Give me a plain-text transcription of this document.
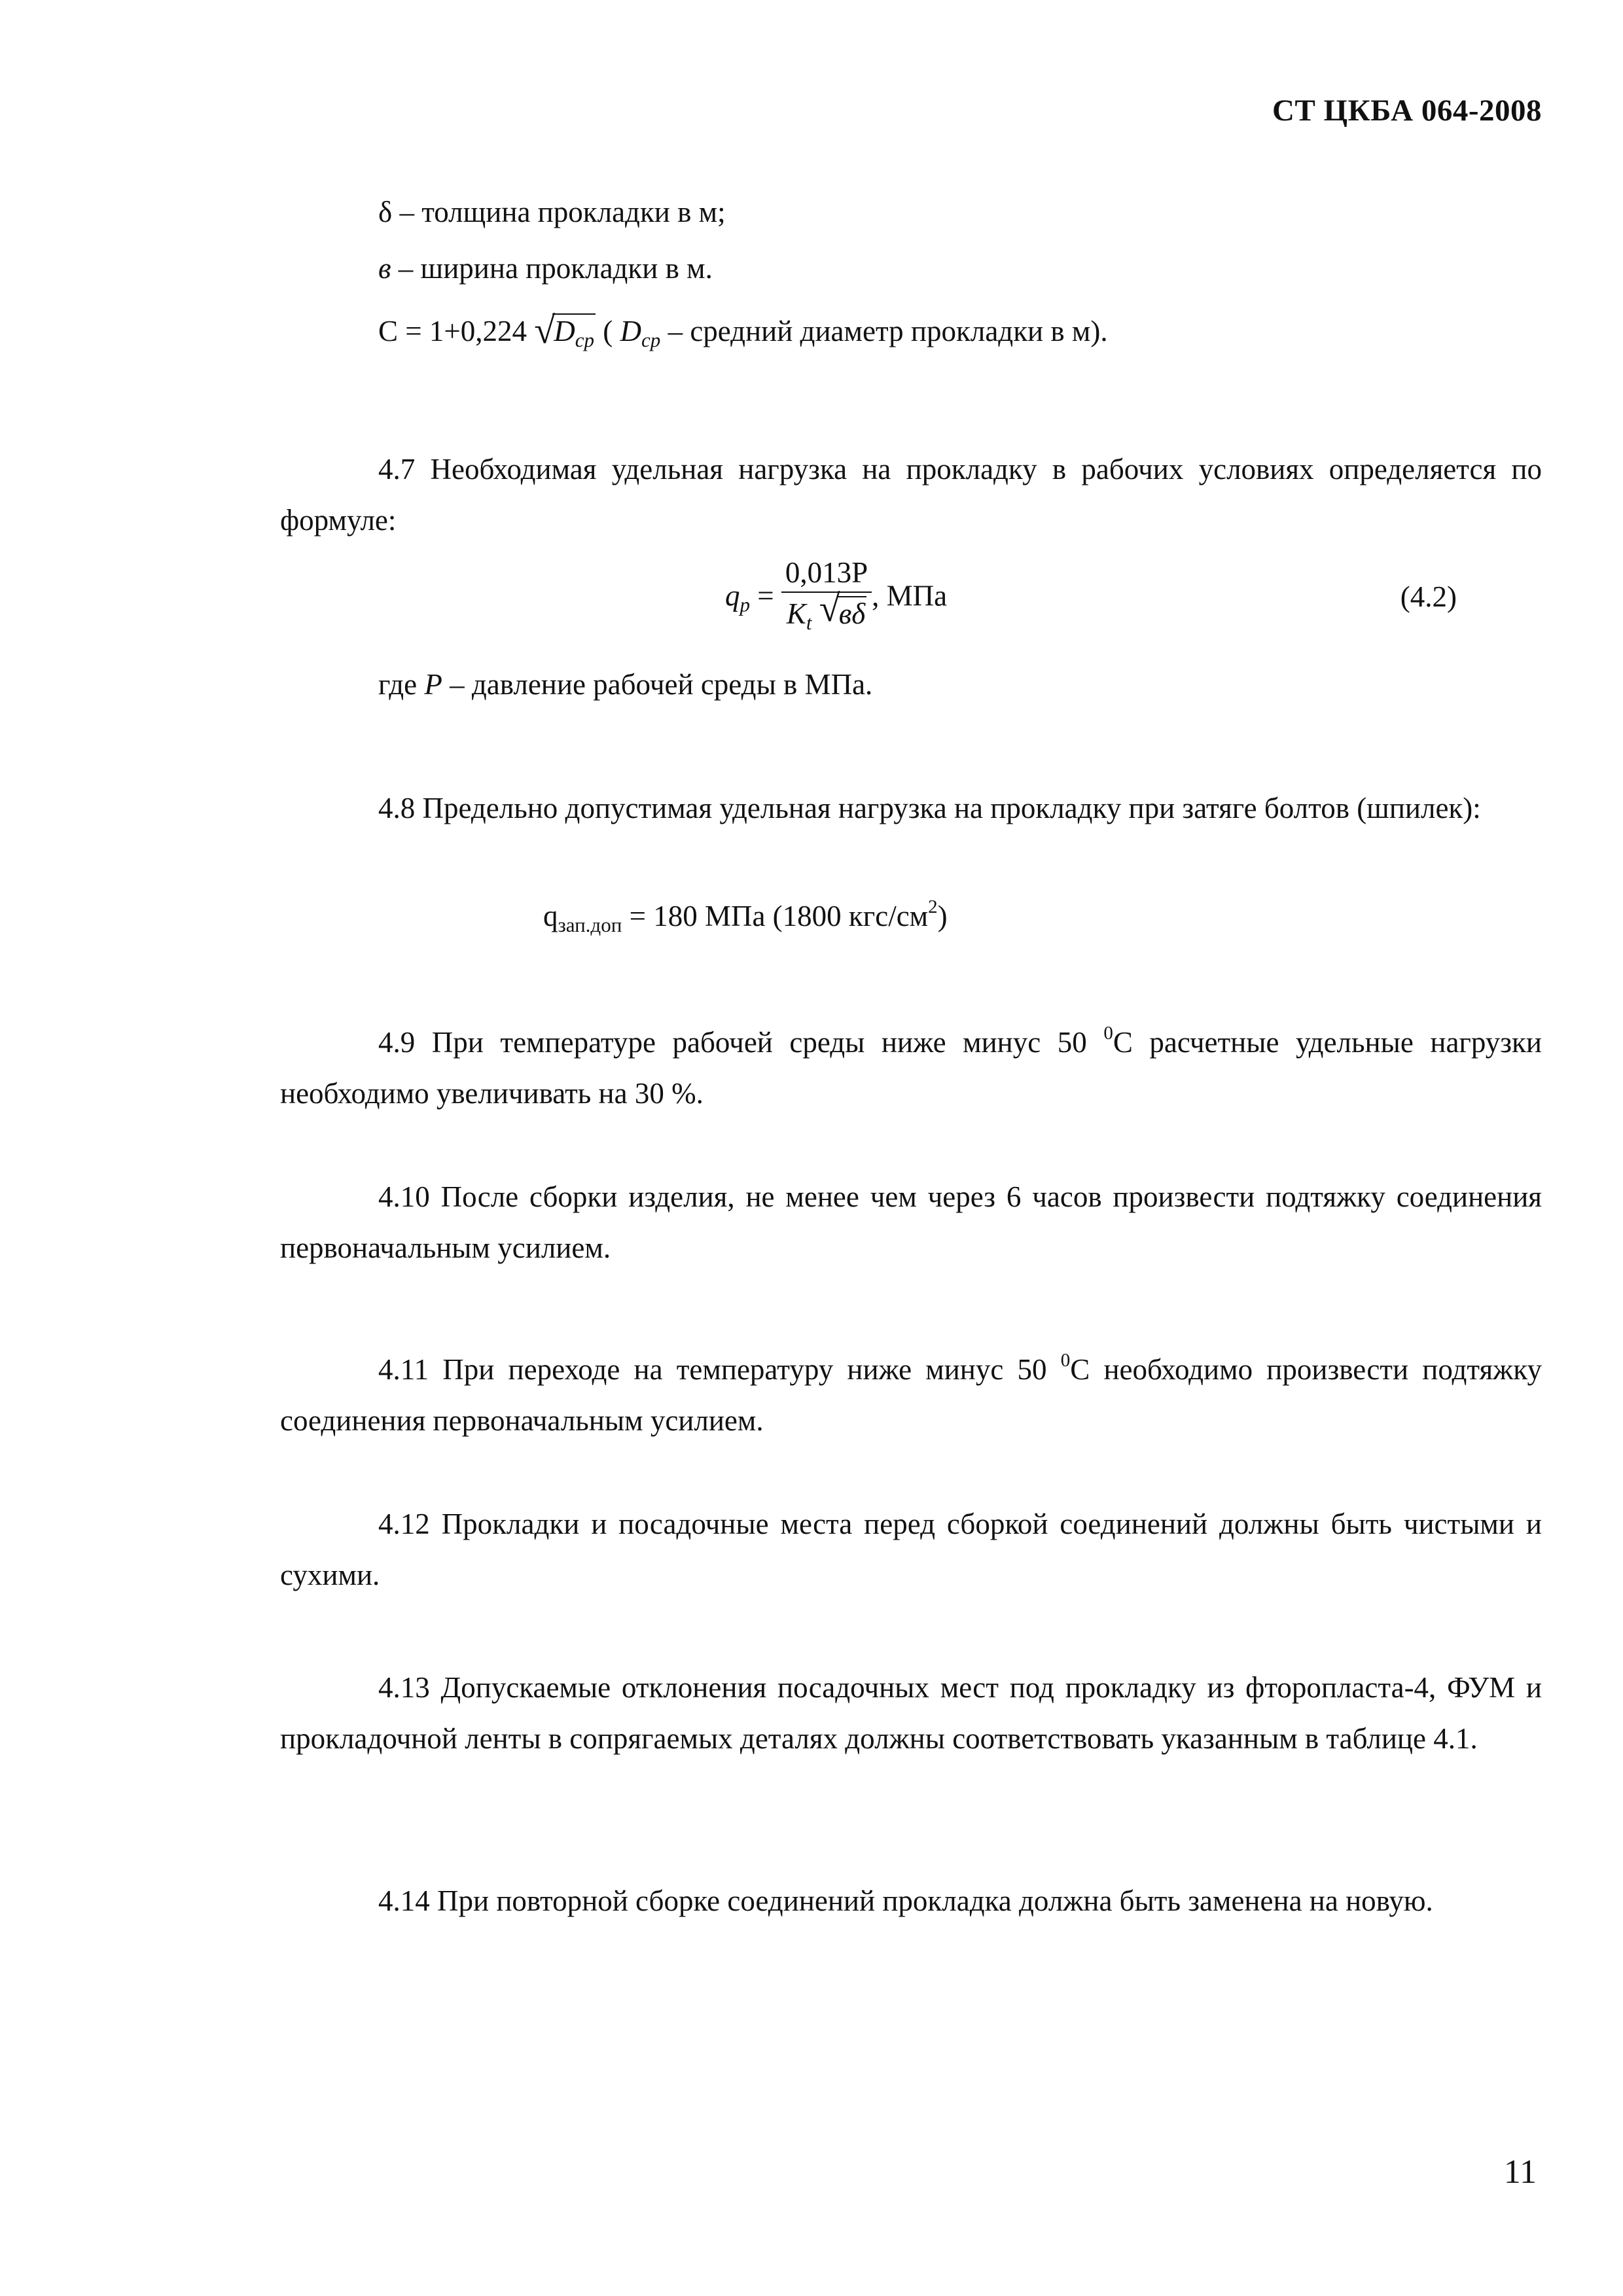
СТ ЦКБА 064-2008
δ – толщина прокладки в м;
в – ширина прокладки в м.
С = 1+0,224 √
$D_{ср}$ ( $D_{ср}$ – средний диаметр прокладки в м).
4.7 Необходимая удельная нагрузка на прокладку в рабочих условиях определяется по формуле:
$q_р = 0,013P$
$K_t$ √
вδ , МПа	(4.2)
где P – давление рабочей среды в МПа.
4.8 Предельно допустимая удельная нагрузка на прокладку при затяге болтов (шпилек):
$q_{зап.доп} = 180$ МПа (1800 кгс/$см^2$)
4.9 При температуре рабочей среды ниже минус 50 $^0$С расчетные удельные нагрузки необходимо увеличивать на 30 %.
4.10 После сборки изделия, не менее чем через 6 часов произвести подтяжку соединения первоначальным усилием.
4.11 При переходе на температуру ниже минус 50 $^0$С необходимо произвести подтяжку соединения первоначальным усилием.
4.12 Прокладки и посадочные места перед сборкой соединений должны быть чистыми и сухими.
4.13 Допускаемые отклонения посадочных мест под прокладку из фторопласта-4, ФУМ и прокладочной ленты в сопрягаемых деталях должны соответствовать указанным в таблице 4.1.
4.14 При повторной сборке соединений прокладка должна быть заменена на новую.
11
